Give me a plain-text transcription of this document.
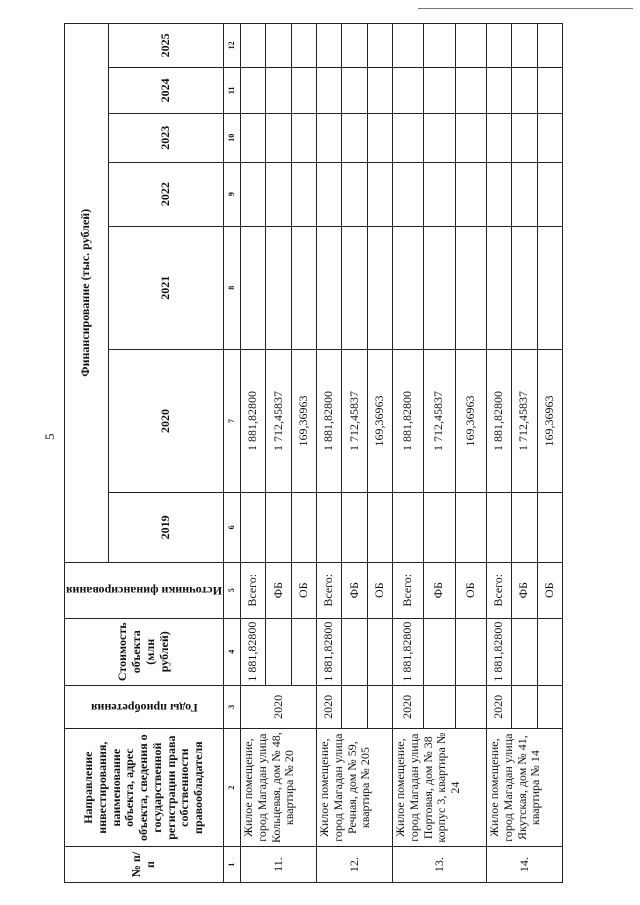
5
№ п/п	Направление инвестирования, наименование объекта, адрес объекта, сведения о государственной регистрации права собственности правообладателя	Годы приобретения	Стоимость объекта (млн рублей)	Источники финансирования	Финансирование (тыс. рублей)						
					2019	2020	2021	2022	2023	2024	2025
1	2	3	4	5	6	7	8	9	10	11	12
11.	Жилое помещение, город Магадан улица Кольцевая, дом № 48, квартира № 20	2020	1 881,82800	Всего:		1 881,82800					
				ФБ		1 712,45837					
				ОБ		169,36963					
12.	Жилое помещение, город Магадан улица Речная, дом № 59, квартира № 205	2020	1 881,82800	Всего:		1 881,82800					
				ФБ		1 712,45837					
				ОБ		169,36963					
13.	Жилое помещение, город Магадан улица Портовая, дом № 38 корпус 3, квартира № 24	2020	1 881,82800	Всего:		1 881,82800					
				ФБ		1 712,45837					
				ОБ		169,36963					
14.	Жилое помещение, город Магадан улица Якутская, дом № 41, квартира № 14	2020	1 881,82800	Всего:		1 881,82800					
				ФБ		1 712,45837					
				ОБ		169,36963					
